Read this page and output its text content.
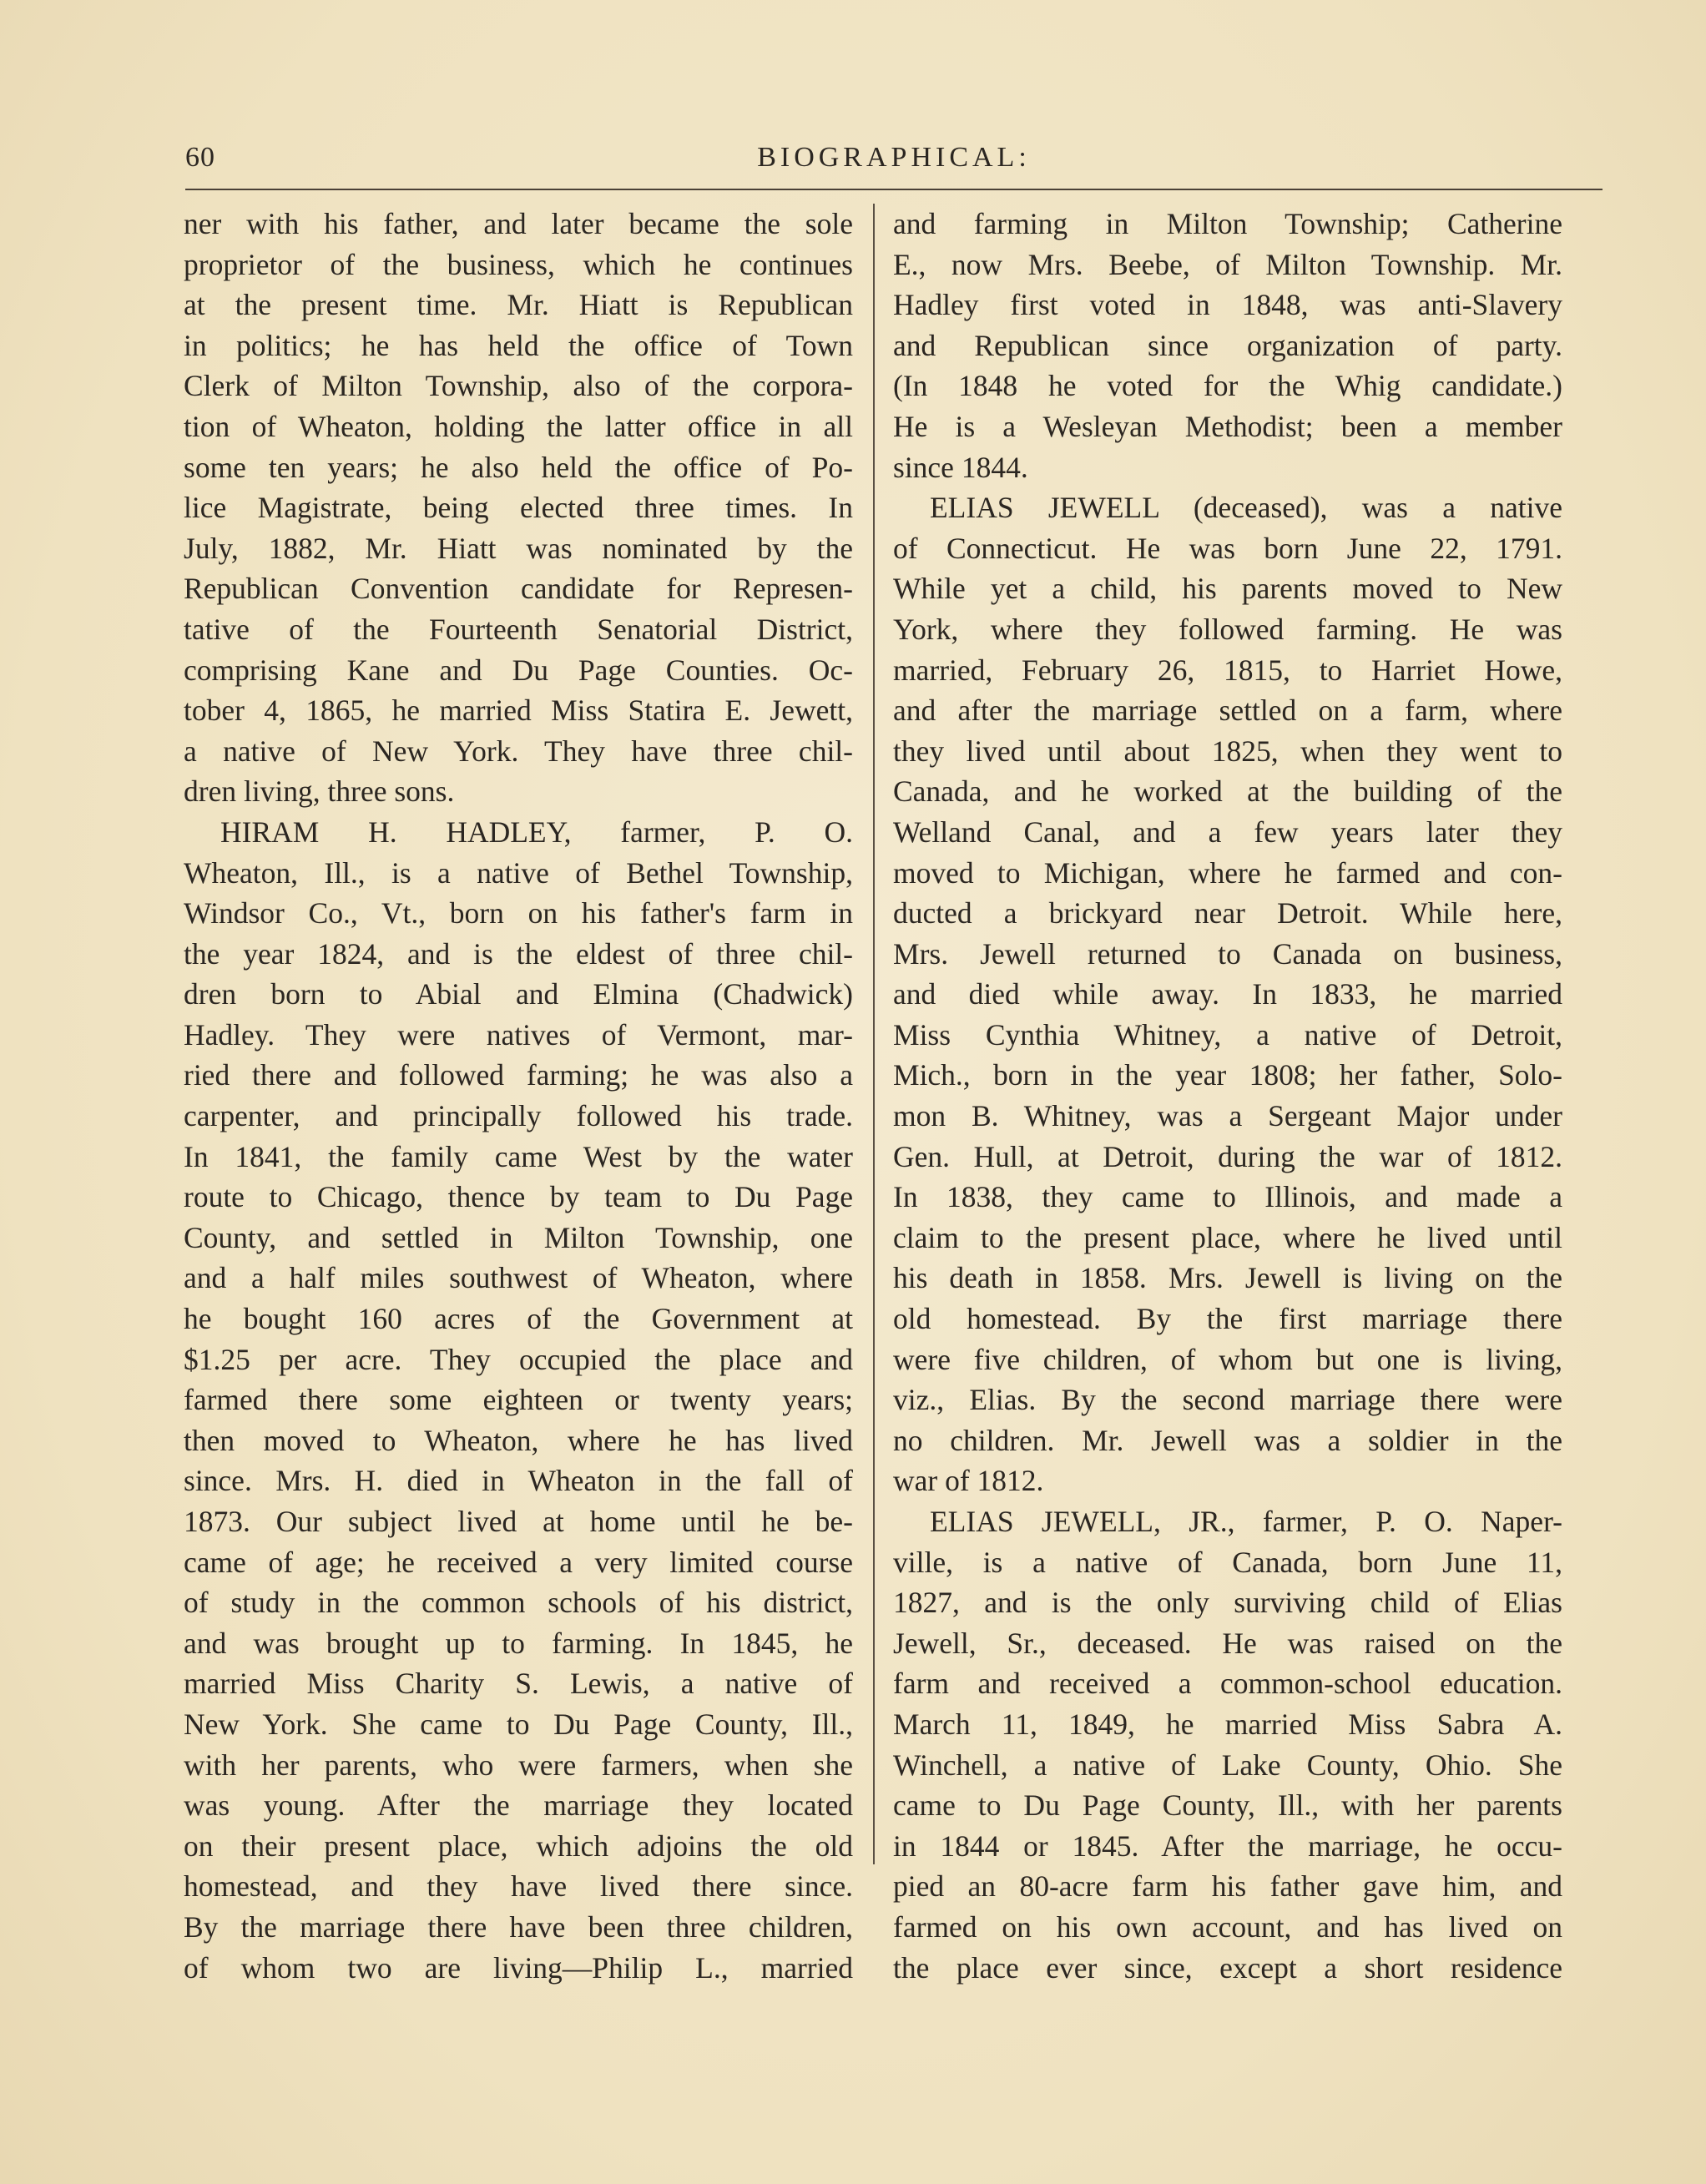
60	BIOGRAPHICAL:
ner with his father, and later became the sole
proprietor of the business, which he continues
at the present time. Mr. Hiatt is Republican
in politics; he has held the office of Town
Clerk of Milton Township, also of the corpora-
tion of Wheaton, holding the latter office in all
some ten years; he also held the office of Po-
lice Magistrate, being elected three times. In
July, 1882, Mr. Hiatt was nominated by the
Republican Convention candidate for Represen-
tative of the Fourteenth Senatorial District,
comprising Kane and Du Page Counties. Oc-
tober 4, 1865, he married Miss Statira E. Jewett,
a native of New York. They have three chil-
dren living, three sons.
HIRAM H. HADLEY, farmer, P. O.
Wheaton, Ill., is a native of Bethel Township,
Windsor Co., Vt., born on his father's farm in
the year 1824, and is the eldest of three chil-
dren born to Abial and Elmina (Chadwick)
Hadley. They were natives of Vermont, mar-
ried there and followed farming; he was also a
carpenter, and principally followed his trade.
In 1841, the family came West by the water
route to Chicago, thence by team to Du Page
County, and settled in Milton Township, one
and a half miles southwest of Wheaton, where
he bought 160 acres of the Government at
$1.25 per acre. They occupied the place and
farmed there some eighteen or twenty years;
then moved to Wheaton, where he has lived
since. Mrs. H. died in Wheaton in the fall of
1873. Our subject lived at home until he be-
came of age; he received a very limited course
of study in the common schools of his district,
and was brought up to farming. In 1845, he
married Miss Charity S. Lewis, a native of
New York. She came to Du Page County, Ill.,
with her parents, who were farmers, when she
was young. After the marriage they located
on their present place, which adjoins the old
homestead, and they have lived there since.
By the marriage there have been three children,
of whom two are living—Philip L., married
and farming in Milton Township; Catherine
E., now Mrs. Beebe, of Milton Township. Mr.
Hadley first voted in 1848, was anti-Slavery
and Republican since organization of party.
(In 1848 he voted for the Whig candidate.)
He is a Wesleyan Methodist; been a member
since 1844.
ELIAS JEWELL (deceased), was a native
of Connecticut. He was born June 22, 1791.
While yet a child, his parents moved to New
York, where they followed farming. He was
married, February 26, 1815, to Harriet Howe,
and after the marriage settled on a farm, where
they lived until about 1825, when they went to
Canada, and he worked at the building of the
Welland Canal, and a few years later they
moved to Michigan, where he farmed and con-
ducted a brickyard near Detroit. While here,
Mrs. Jewell returned to Canada on business,
and died while away. In 1833, he married
Miss Cynthia Whitney, a native of Detroit,
Mich., born in the year 1808; her father, Solo-
mon B. Whitney, was a Sergeant Major under
Gen. Hull, at Detroit, during the war of 1812.
In 1838, they came to Illinois, and made a
claim to the present place, where he lived until
his death in 1858. Mrs. Jewell is living on the
old homestead. By the first marriage there
were five children, of whom but one is living,
viz., Elias. By the second marriage there were
no children. Mr. Jewell was a soldier in the
war of 1812.
ELIAS JEWELL, JR., farmer, P. O. Naper-
ville, is a native of Canada, born June 11,
1827, and is the only surviving child of Elias
Jewell, Sr., deceased. He was raised on the
farm and received a common-school education.
March 11, 1849, he married Miss Sabra A.
Winchell, a native of Lake County, Ohio. She
came to Du Page County, Ill., with her parents
in 1844 or 1845. After the marriage, he occu-
pied an 80-acre farm his father gave him, and
farmed on his own account, and has lived on
the place ever since, except a short residence
